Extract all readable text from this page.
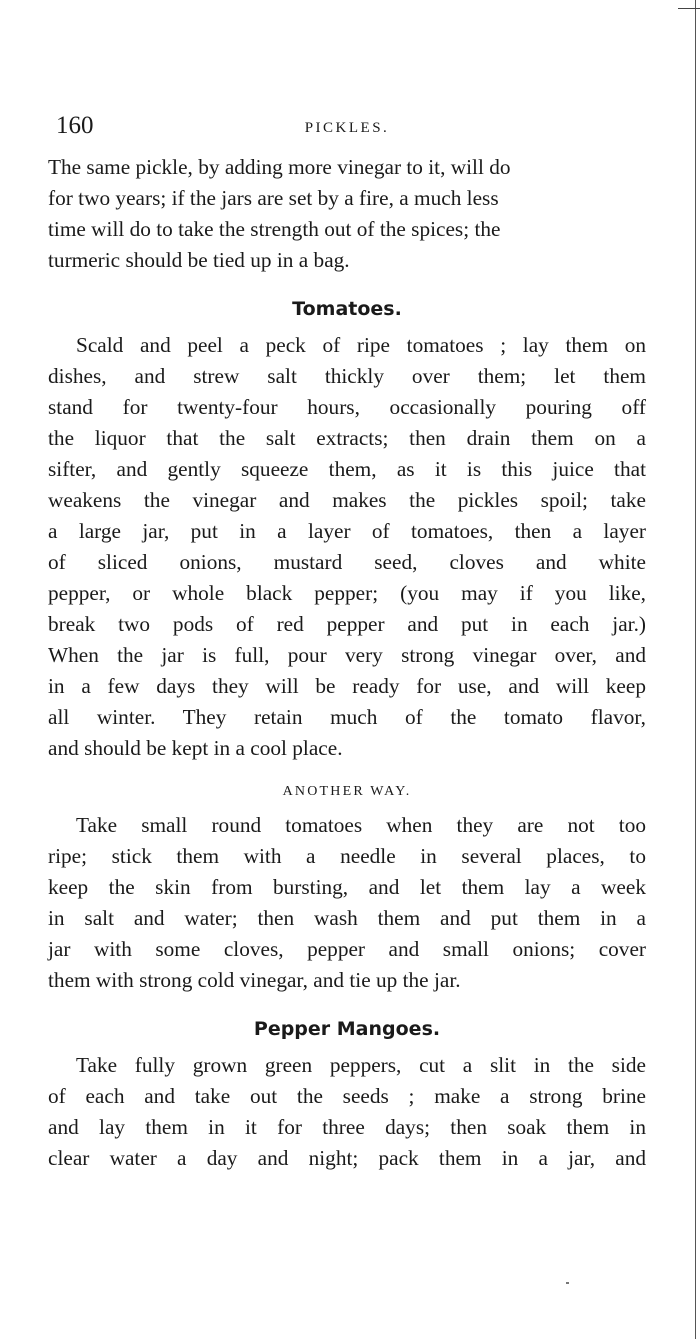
160	PICKLES.

The same pickle, by adding more vinegar to it, will do
for two years; if the jars are set by a fire, a much less
time will do to take the strength out of the spices; the
turmeric should be tied up in a bag.

Tomatoes.

Scald and peel a peck of ripe tomatoes ; lay them on
dishes, and strew salt thickly over them; let them
stand for twenty-four hours, occasionally pouring off
the liquor that the salt extracts; then drain them on a
sifter, and gently squeeze them, as it is this juice that
weakens the vinegar and makes the pickles spoil; take
a large jar, put in a layer of tomatoes, then a layer
of sliced onions, mustard seed, cloves and white
pepper, or whole black pepper; (you may if you like,
break two pods of red pepper and put in each jar.)
When the jar is full, pour very strong vinegar over, and
in a few days they will be ready for use, and will keep
all winter. They retain much of the tomato flavor,
and should be kept in a cool place.

ANOTHER WAY.

Take small round tomatoes when they are not too
ripe; stick them with a needle in several places, to
keep the skin from bursting, and let them lay a week
in salt and water; then wash them and put them in a
jar with some cloves, pepper and small onions; cover
them with strong cold vinegar, and tie up the jar.

Pepper Mangoes.

Take fully grown green peppers, cut a slit in the side
of each and take out the seeds ; make a strong brine
and lay them in it for three days; then soak them in
clear water a day and night; pack them in a jar, and
